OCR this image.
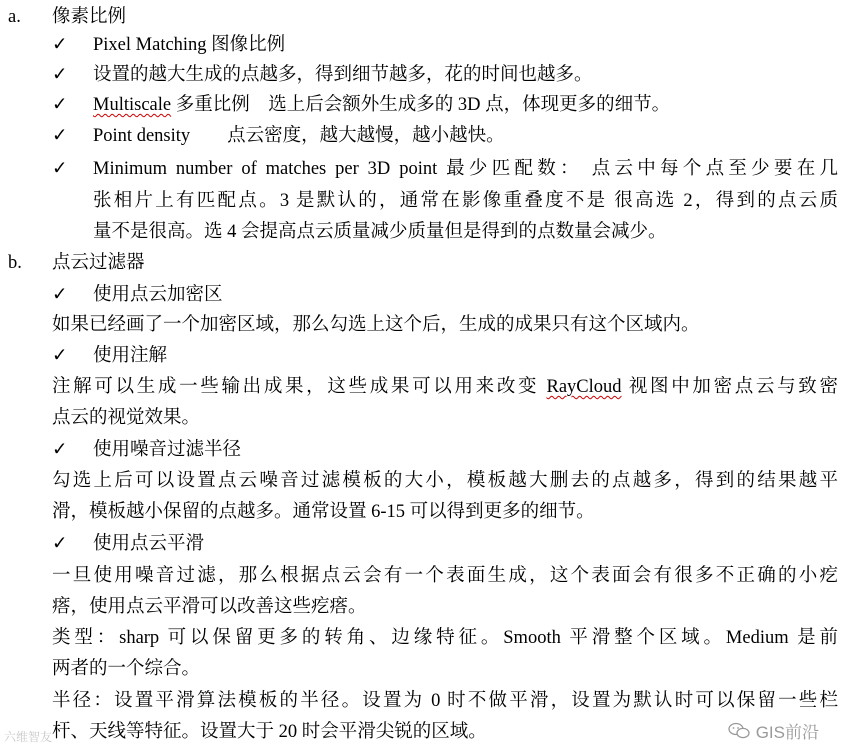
a. 像素比例
✓ Pixel Matching 图像比例
✓ 设置的越大生成的点越多，得到细节越多，花的时间也越多。
✓ Multiscale 多重比例　选上后会额外生成多的 3D 点，体现更多的细节。
✓ Point density　　点云密度，越大越慢，越小越快。
✓ Minimum number of matches per 3D point 最少匹配数： 点云中每个点至少要在几
张相片上有匹配点。3 是默认的，通常在影像重叠度不是 很高选 2，得到的点云质
量不是很高。选 4 会提高点云质量减少质量但是得到的点数量会减少。
b. 点云过滤器
✓ 使用点云加密区
如果已经画了一个加密区域，那么勾选上这个后，生成的成果只有这个区域内。
✓ 使用注解
注解可以生成一些输出成果，这些成果可以用来改变 RayCloud 视图中加密点云与致密
点云的视觉效果。
✓ 使用噪音过滤半径
勾选上后可以设置点云噪音过滤模板的大小，模板越大删去的点越多，得到的结果越平
滑，模板越小保留的点越多。通常设置 6-15 可以得到更多的细节。
✓ 使用点云平滑
一旦使用噪音过滤，那么根据点云会有一个表面生成，这个表面会有很多不正确的小疙
瘩，使用点云平滑可以改善这些疙瘩。
类型：sharp 可以保留更多的转角、边缘特征。Smooth 平滑整个区域。Medium 是前
两者的一个综合。
半径：设置平滑算法模板的半径。设置为 0 时不做平滑，设置为默认时可以保留一些栏
杆、天线等特征。设置大于 20 时会平滑尖锐的区域。
六维智友	GIS前沿
